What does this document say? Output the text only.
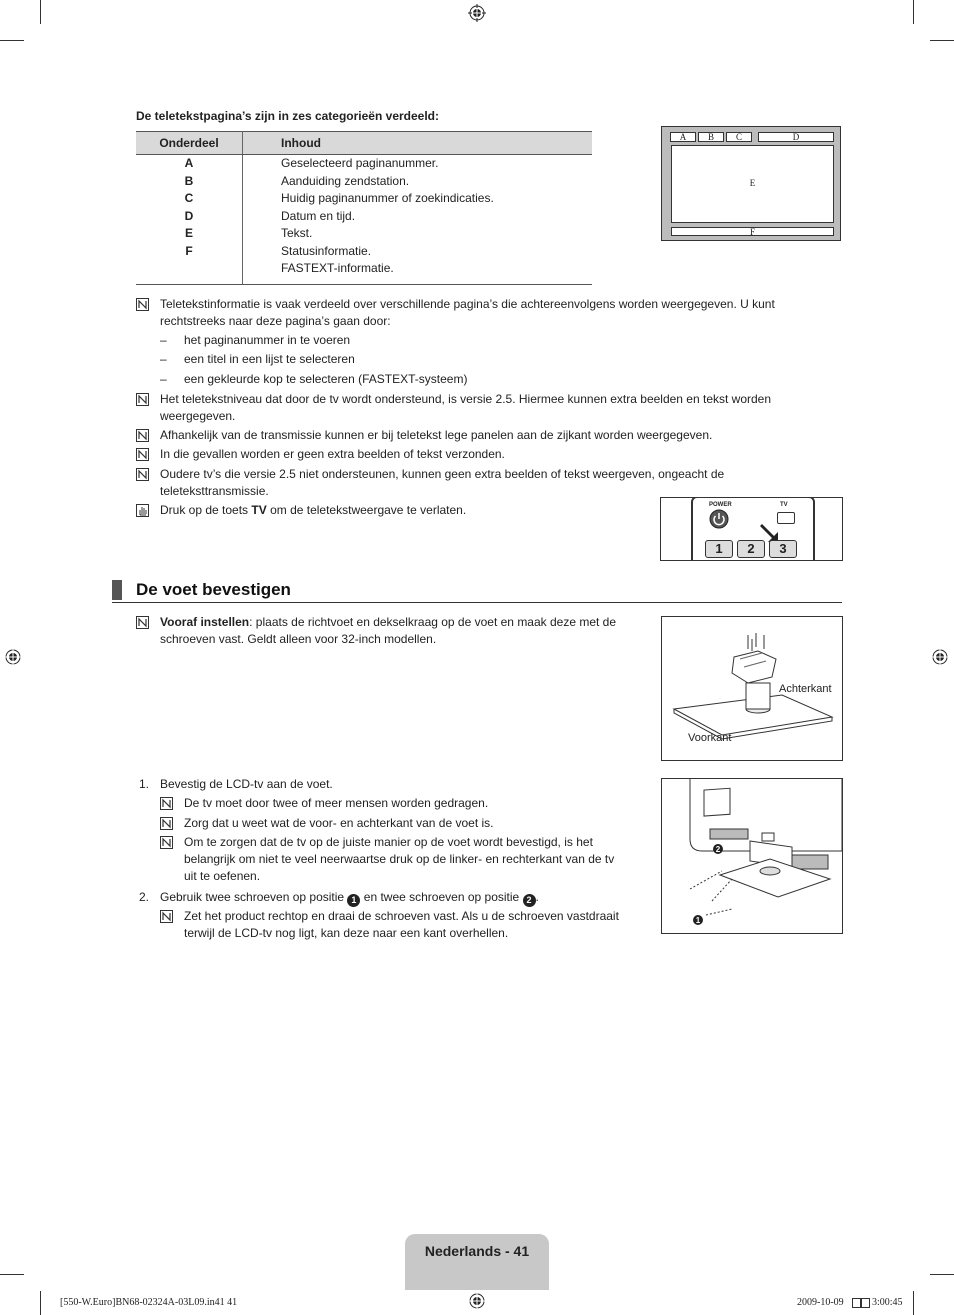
De teletekstpagina’s zijn in zes categorieën verdeeld:
Onderdeel	Inhoud
A	Geselecteerd paginanummer.
B	Aanduiding zendstation.
C	Huidig paginanummer of zoekindicaties.
D	Datum en tijd.
E	Tekst.
F	Statusinformatie.
	FASTEXT-informatie.
A	B	C	D
E
F
Teletekstinformatie is vaak verdeeld over verschillende pagina’s die achtereenvolgens worden weergegeven. U kunt rechtstreeks naar deze pagina’s gaan door:
– het paginanummer in te voeren
– een titel in een lijst te selecteren
– een gekleurde kop te selecteren (FASTEXT-systeem)
Het teletekstniveau dat door de tv wordt ondersteund, is versie 2.5. Hiermee kunnen extra beelden en tekst worden weergegeven.
Afhankelijk van de transmissie kunnen er bij teletekst lege panelen aan de zijkant worden weergegeven.
In die gevallen worden er geen extra beelden of tekst verzonden.
Oudere tv’s die versie 2.5 niet ondersteunen, kunnen geen extra beelden of tekst weergeven, ongeacht de teleteksttransmissie.
Druk op de toets TV om de teletekstweergave te verlaten.	POWER	TV
1	2	3
De voet bevestigen
Vooraf instellen: plaats de richtvoet en dekselkraag op de voet en maak deze met de schroeven vast. Geldt alleen voor 32-inch modellen.
Achterkant
Voorkant
1. Bevestig de LCD-tv aan de voet.
De tv moet door twee of meer mensen worden gedragen.
Zorg dat u weet wat de voor- en achterkant van de voet is.
Om te zorgen dat de tv op de juiste manier op de voet wordt bevestigd, is het belangrijk om niet te veel neerwaartse druk op de linker- en rechterkant van de tv uit te oefenen.
2. Gebruik twee schroeven op positie 1 en twee schroeven op positie 2 .
Zet het product rechtop en draai de schroeven vast. Als u de schroeven vastdraait terwijl de LCD-tv nog ligt, kan deze naar een kant overhellen.
2
1
Nederlands - 41
[550-W.Euro]BN68-02324A-03L09.in41 41	2009-10-09	3:00:45
